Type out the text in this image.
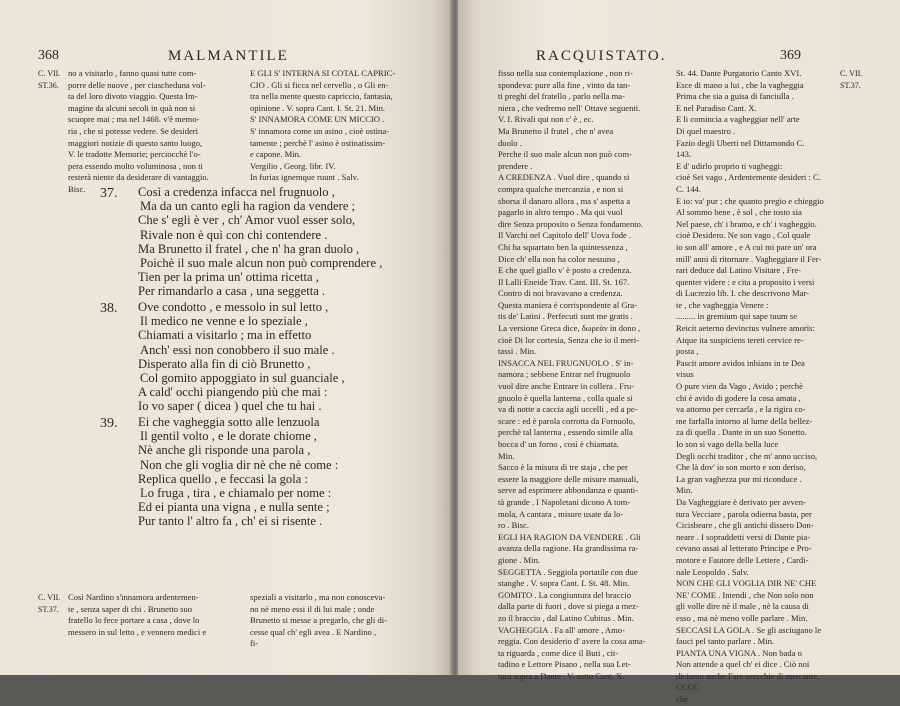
368	MALMANTILE
C. VII. ST.36.
no a visitarlo , fanno quasi tutte com-
porre delle nuove , per ciascheduna vol-
ta del loro divoto viaggio. Questa Im-
magine da alcuni secoli in quà non si
scuopre mai ; ma nel 1468. v'è memo-
ria , che si potesse vedere. Se desideri
maggiori notizie di questo santo luogo,
V. le tradotte Memorie; perciocchè l'o-
pera essendo molto voluminosa , non ti
resterà niente da desiderare di vantaggio.
Bisc.
E GLI S' INTERNA SI COTAL CAPRIC-
CIO . Gli si ficca nel cervello , o Gli en-
tra nella mente questo capriccio, fantasia,
opinione . V. sopra Cant. I. St. 21. Min.
S' INNAMORA COME UN MICCIO .
S' innamora come un asino , cioè ostina-
tamente ; perchè l' asino è ostinatissim-
e capone. Min.
Vergilio , Georg. libr. IV.
In furias ignemque ruunt . Salv.
37. Così a credenza infacca nel frugnuolo ,
Ma da un canto egli ha ragion da vendere ;
Che s' egli è ver , ch' Amor vuol esser solo,
Rivale non è quì con chi contendere .
Ma Brunetto il fratel , che n' ha gran duolo ,
Poichè il suo male alcun non può comprendere ,
Tien per la prima un' ottima ricetta ,
Per rimandarlo a casa , una seggetta .
38. Ove condotto , e messolo in sul letto ,
Il medico ne venne e lo speziale ,
Chiamati a visitarlo ; ma in effetto
Anch' essi non conobbero il suo male .
Disperato alla fin di ciò Brunetto ,
Col gomito appoggiato in sul guanciale ,
A cald' occhi piangendo più che mai :
Io vo saper ( dicea ) quel che tu hai .
39. Ei che vagheggia sotto alle lenzuola
Il gentil volto , e le dorate chiome ,
Nè anche gli risponde una parola ,
Non che gli voglia dir nè che nè come :
Replica quello , e feccasi la gola :
Lo fruga , tira , e chiamalo per nome :
Ed ei pianta una vigna , e nulla sente ;
Pur tanto l' altro fa , ch' ei si risente .
C. VII. ST.37.
Così Nardino s'innamora ardentemen-
te , senza saper di chi . Brunetto suo
fratello lo fece portare a casa , dove lo
messero in sul letto , e vennero medici e
speziali a visitarlo , ma non conosceva-
no nè meno essi il di lui male ; onde
Brunetto si messe a pregarlo, che gli di-
cesse qual ch' egli avea . E Nardino ,
fi-
RACQUISTATO.	369
C. VII. ST.37.
fisso nella sua contemplazione , non ri-
spondeva: pure alla fine , vinto da tan-
ti preghi del fratello , parlo nella ma-
niera , che vedremo nell' Ottave seguenti.
V. I. Rivali qui non c' è , ec.
Ma Brunetto il fratel , che n' avea
duolo .
Perche il suo male alcun non può com-
prendere .
A CREDENZA . Vuol dire , quando si
compra qualche mercanzia , e non si
sborsa il danaro allora , ma s' aspetta a
pagarlo in altro tempo . Ma qui vuol
dire Senza proposito o Senza fondamento.
Il Varchi nel Capitolo dell' Uova fode .
Chi ha squartato ben la quintessenza ,
Dice ch' ella non ha color nessuno ,
E che quel giallo v' è posto a credenza.
Il Lalli Eneide Trav. Cant. III. St. 167.
Contro di noi bravavano a credenza.
Questa maniera è corrispondente al Gra-
tis de' Latini . Perfecuti sunt me gratis .
La versione Greca dice, δωρεὰν in dono ,
cioè Di lor cortesia, Senza che io il meri-
tassi . Min.
INSACCA NEL FRUGNUOLO . S' in-
namora ; sebbene Entrar nel frugnuolo
vuol dire anche Entrare in collera . Fru-
gnuolo è quella lanterna , colla quale si
va di notte a caccia agli uccelli , ed a pe-
scare : ed è parola corrotta da Fornuolo,
perchè tal lanterna , essendo simile alla
bocca d' un forno , così è chiamata.
Min.
Sacco è la misura di tre staja , che per
essere la maggiore delle misure manuali,
serve ad esprimere abbondanza e quanti-
tà grande . I Napoletani dicono A tom-
mola, A cantara , misure usate da lo-
ro . Bisc.
EGLI HA RAGION DA VENDERE . Gli
avanza della ragione. Ha grandissima ra-
gione . Min.
SEGGETTA . Seggiola portatile con due
stanghe . V. sopra Cant. I. St. 48. Min.
GOMITO . La congiuntura del braccio
dalla parte di fuori , dove si piega a mez-
zo il braccio , dal Latino Cubitus . Min.
VAGHEGGIA . Fa all' amore , Amo-
reggia. Con desiderio d' avere la cosa ama-
ta riguarda , come dice il Buti , cit-
tadino e Lettore Pisano , nella sua Let-
tura sopra a Dante . V. sotto Cant. X.
St. 44. Dante Purgatorio Canto XVI.
Esce di mano a lui , che la vagheggia
Prima che sia a guisa di fanciulla .
E nel Paradiso Cant. X.
E li comincia a vagheggiar nell' arte
Di quel maestro .
Fazio degli Uberti nel Dittamondo C.
143.
E d' udirlo proprio ti vagheggi:
cioè Sei vago , Ardentemente desideri : C.
C. 144.
E io: va' pur ; che quanto pregio e chieggio
Al sommo bene , è sol , che tosto sia
Nel paese, ch' i bramo, e ch' i vagheggio.
cioè Desidero. Ne son vago , Col quale
io son all' amore , e A cui mi pare un' ora
mill' anni di ritornare . Vagheggiare il Fer-
rari deduce dal Latino Visitare , Fre-
quenter videre : e cita a proposito i versi
di Lucrezio lib. I. che descrivono Mar-
te , che vagheggia Venere :
......... in gremium qui sape tuum se
Reicit aeterno devinctus vulnere amoris:
Atque ita suspiciens tereti cervice re-
posta ,
Pascit amore avidos inhians in te Dea
visus
O pure vien da Vago , Avido ; perchè
chi è avido di godere la cosa amata ,
va attorno per cercarla , e la rigira co-
me farfalla intorno al lume della bellez-
za di quella . Dante in un suo Sonetto.
Io son sì vago della bella luce
Degli occhi traditor , che m' anno ucciso,
Che là dov' io son morto e son deriso,
La gran vaghezza pur mi riconduce .
Min.
Da Vagheggiare è derivato per avven-
tura Vecciare , parola odierna basta, per
Cicisbeare , che gli antichi dissero Don-
neare . I sopraddetti versi di Dante pia-
cevano assai al letterato Principe e Pro-
motore e Fautore delle Lettere , Cardi-
nale Leopoldo . Salv.
NON CHE GLI VOGLIA DIR NE' CHE
NE' COME . Intendi , che Non solo non
gli volle dire nè il male , nè la causa di
esso , ma nè meno volle parlare . Min.
SECCASI LA GOLA . Se gli asciugano le
fauci pel tanto parlare . Min.
PIANTA UNA VIGNA . Non bada o
Non attende a quel ch' ei dice . Ciò noi
diciamo anche Fare orecchie di mercante,
CCCC
che
